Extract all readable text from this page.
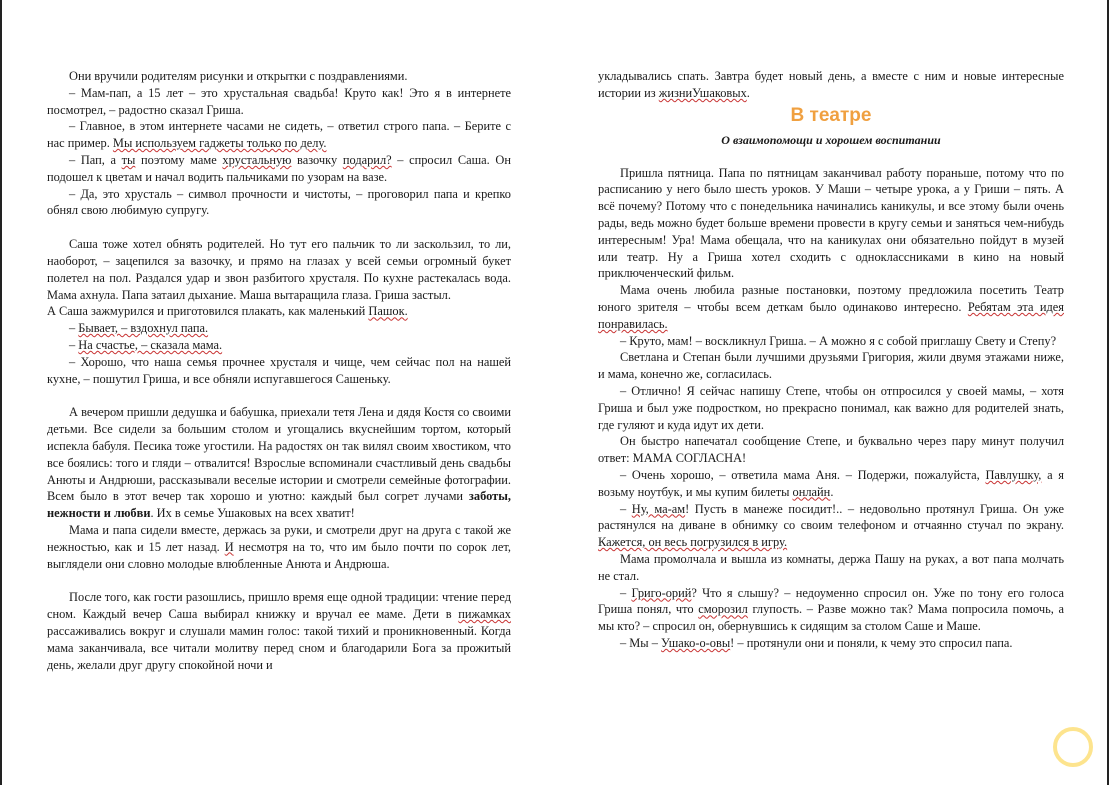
Они вручили родителям рисунки и открытки с поздравлениями.

– Мам-пап, а 15 лет – это хрустальная свадьба! Круто как! Это я в интернете посмотрел, – радостно сказал Гриша.

– Главное, в этом интернете часами не сидеть, – ответил строго папа. – Берите с нас пример. Мы используем гаджеты только по делу.

– Пап, а ты поэтому маме хрустальную вазочку подарил? – спросил Саша. Он подошел к цветам и начал водить пальчиками по узорам на вазе.

– Да, это хрусталь – символ прочности и чистоты, – проговорил папа и крепко обнял свою любимую супругу.

Саша тоже хотел обнять родителей. Но тут его пальчик то ли заскользил, то ли, наоборот, – зацепился за вазочку, и прямо на глазах у всей семьи огромный букет полетел на пол. Раздался удар и звон разбитого хрусталя. По кухне растекалась вода. Мама ахнула. Папа затаил дыхание. Маша вытаращила глаза. Гриша застыл.

А Саша зажмурился и приготовился плакать, как маленький Пашок.

– Бывает, – вздохнул папа.

– На счастье, – сказала мама.

– Хорошо, что наша семья прочнее хрусталя и чище, чем сейчас пол на нашей кухне, – пошутил Гриша, и все обняли испугавшегося Сашеньку.

А вечером пришли дедушка и бабушка, приехали тетя Лена и дядя Костя со своими детьми. Все сидели за большим столом и угощались вкуснейшим тортом, который испекла бабуля. Песика тоже угостили. На радостях он так вилял своим хвостиком, что все боялись: того и гляди – отвалится! Взрослые вспоминали счастливый день свадьбы Анюты и Андрюши, рассказывали веселые истории и смотрели семейные фотографии. Всем было в этот вечер так хорошо и уютно: каждый был согрет лучами заботы, нежности и любви. Их в семье Ушаковых на всех хватит!

Мама и папа сидели вместе, держась за руки, и смотрели друг на друга с такой же нежностью, как и 15 лет назад. И несмотря на то, что им было почти по сорок лет, выглядели они словно молодые влюбленные Анюта и Андрюша.

После того, как гости разошлись, пришло время еще одной традиции: чтение перед сном. Каждый вечер Саша выбирал книжку и вручал ее маме. Дети в пижамках рассаживались вокруг и слушали мамин голос: такой тихий и проникновенный. Когда мама заканчивала, все читали молитву перед сном и благодарили Бога за прожитый день, желали друг другу спокойной ночи и

укладывались спать. Завтра будет новый день, а вместе с ним и новые интересные истории из жизниУшаковых.

В театре
О взаимопомощи и хорошем воспитании

Пришла пятница. Папа по пятницам заканчивал работу пораньше, потому что по расписанию у него было шесть уроков. У Маши – четыре урока, а у Гриши – пять. А всё почему? Потому что с понедельника начинались каникулы, и все этому были очень рады, ведь можно будет больше времени провести в кругу семьи и заняться чем-нибудь интересным! Ура! Мама обещала, что на каникулах они обязательно пойдут в музей или театр. Ну а Гриша хотел сходить с одноклассниками в кино на новый приключенческий фильм.

Мама очень любила разные постановки, поэтому предложила посетить Театр юного зрителя – чтобы всем деткам было одинаково интересно. Ребятам эта идея понравилась.

– Круто, мам! – воскликнул Гриша. – А можно я с собой приглашу Свету и Степу?

Светлана и Степан были лучшими друзьями Григория, жили двумя этажами ниже, и мама, конечно же, согласилась.

– Отлично! Я сейчас напишу Степе, чтобы он отпросился у своей мамы, – хотя Гриша и был уже подростком, но прекрасно понимал, как важно для родителей знать, где гуляют и куда идут их дети.

Он быстро напечатал сообщение Степе, и буквально через пару минут получил ответ: МАМА СОГЛАСНА!

– Очень хорошо, – ответила мама Аня. – Подержи, пожалуйста, Павлушку, а я возьму ноутбук, и мы купим билеты онлайн.

– Ну, ма-ам! Пусть в манеже посидит!.. – недовольно протянул Гриша. Он уже растянулся на диване в обнимку со своим телефоном и отчаянно стучал по экрану. Кажется, он весь погрузился в игру.

Мама промолчала и вышла из комнаты, держа Пашу на руках, а вот папа молчать не стал.

– Григо-орий? Что я слышу? – недоуменно спросил он. Уже по тону его голоса Гриша понял, что сморозил глупость. – Разве можно так? Мама попросила помочь, а мы кто? – спросил он, обернувшись к сидящим за столом Саше и Маше.

– Мы – Ушако-о-овы! – протянули они и поняли, к чему это спросил папа.
